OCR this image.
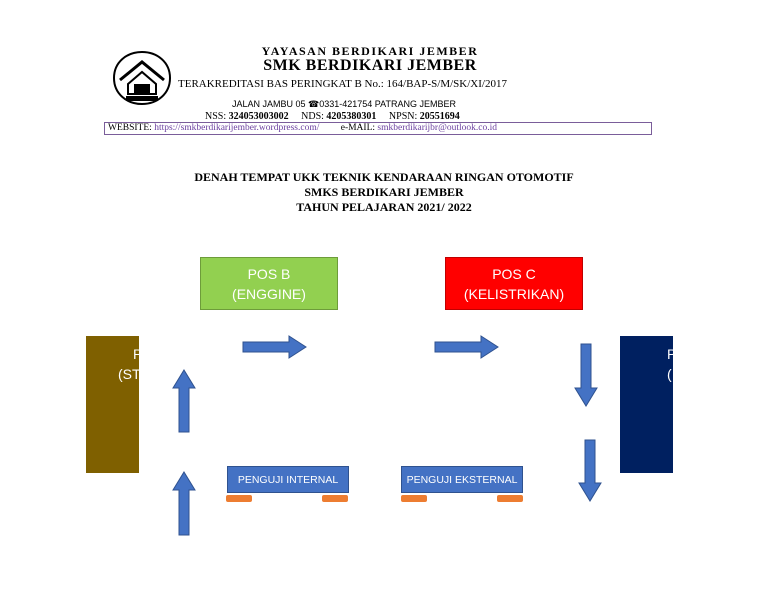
YAYASAN BERDIKARI JEMBER
SMK BERDIKARI JEMBER
TERAKREDITASI BAS PERINGKAT B No.: 164/BAP-S/M/SK/XI/2017
JALAN JAMBU 05 ☎0331-421754 PATRANG JEMBER
NSS: 324053003002 NDS: 4205380301 NPSN: 20551694
WEBSITE: https://smkberdikarijember.wordpress.com/ e-MAIL: smkberdikarijbr@outlook.co.id
DENAH TEMPAT UKK TEKNIK KENDARAAN RINGAN OTOMOTIF
SMKS BERDIKARI JEMBER
TAHUN PELAJARAN 2021/ 2022
POS B
(ENGGINE)
POS C
(KELISTRIKAN)
P
(ST
P
(
PENGUJI INTERNAL	PENGUJI EKSTERNAL
